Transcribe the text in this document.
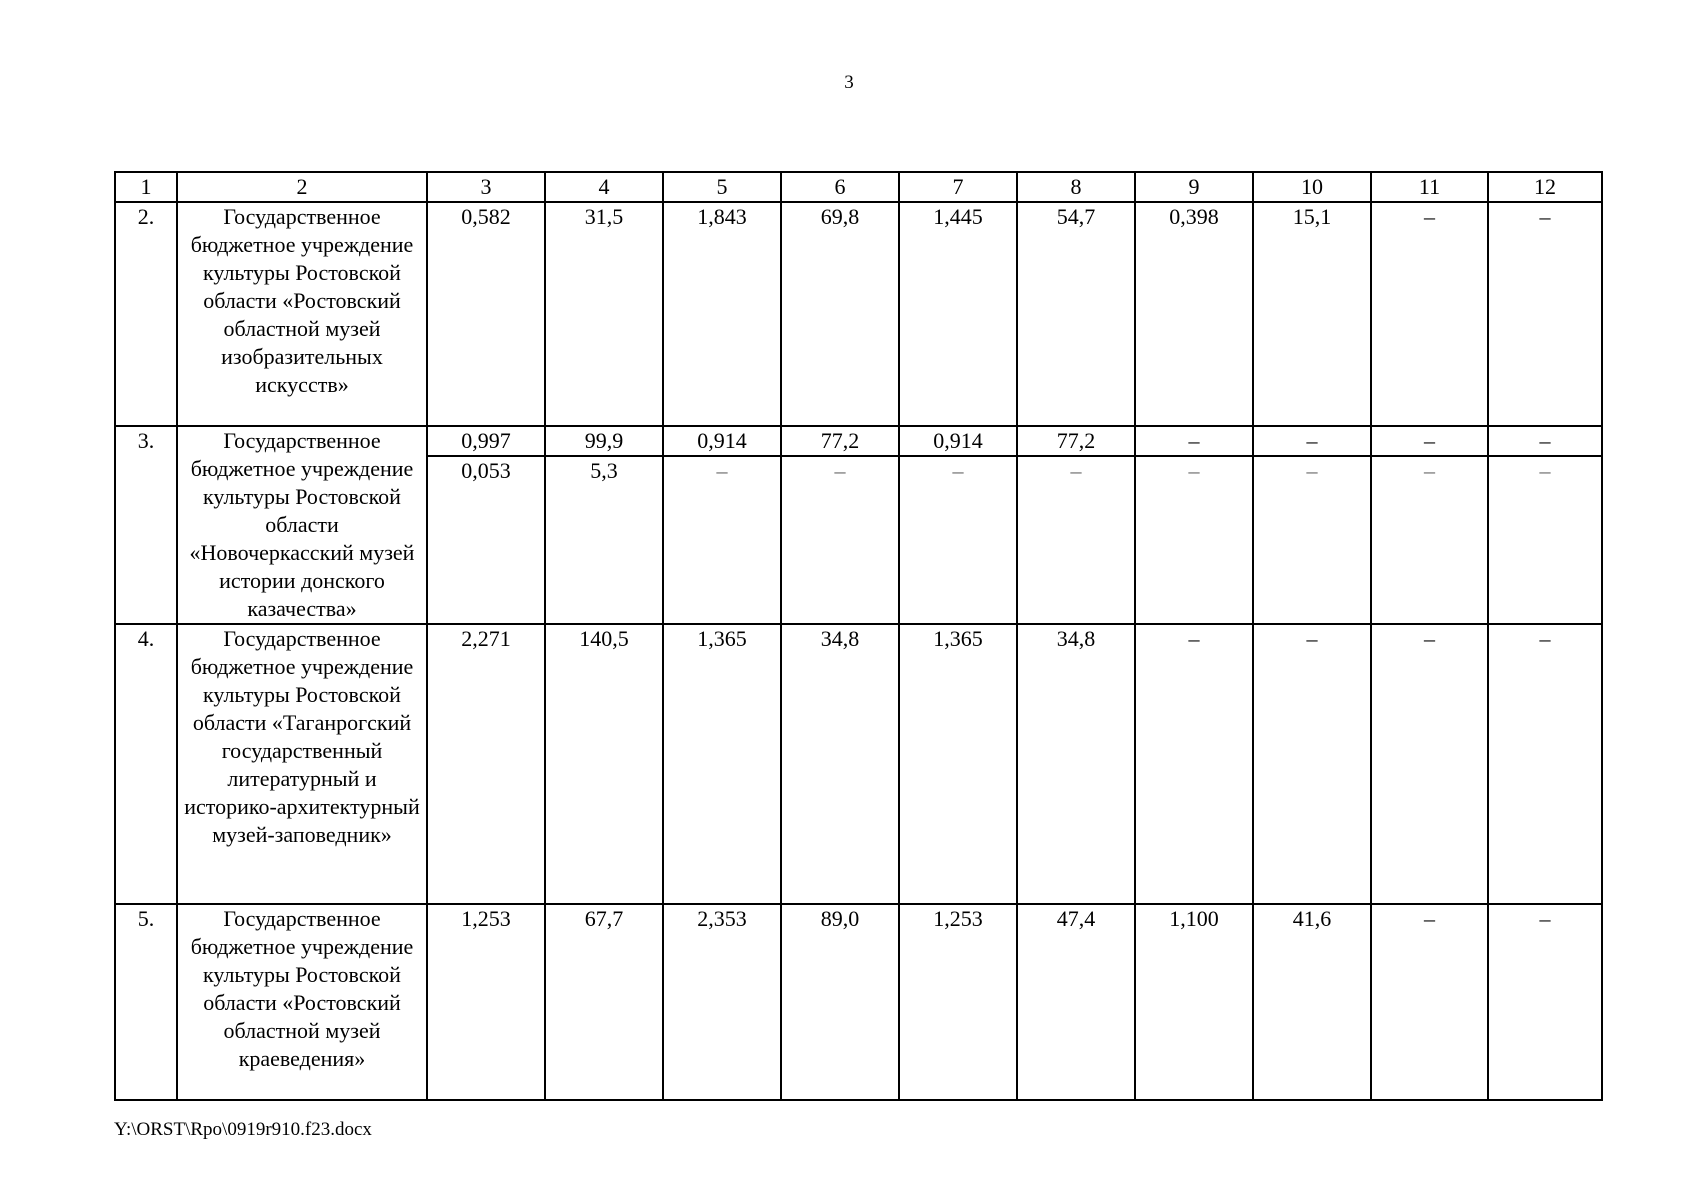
3
1	2	3	4	5	6	7	8	9	10	11	12
2.	Государственное бюджетное учреждение культуры Ростовской области «Ростовский областной музей изобразительных искусств»	0,582	31,5	1,843	69,8	1,445	54,7	0,398	15,1	–	–
3.	Государственное бюджетное учреждение культуры Ростовской области «Новочеркасский музей истории донского казачества»	0,997	99,9	0,914	77,2	0,914	77,2	–	–	–	–
		0,053	5,3	–	–	–	–	–	–	–	–
4.	Государственное бюджетное учреждение культуры Ростовской области «Таганрогский государственный литературный и историко-архитектурный музей-заповедник»	2,271	140,5	1,365	34,8	1,365	34,8	–	–	–	–
5.	Государственное бюджетное учреждение культуры Ростовской области «Ростовский областной музей краеведения»	1,253	67,7	2,353	89,0	1,253	47,4	1,100	41,6	–	–
Y:\ORST\Rpo\0919r910.f23.docx
